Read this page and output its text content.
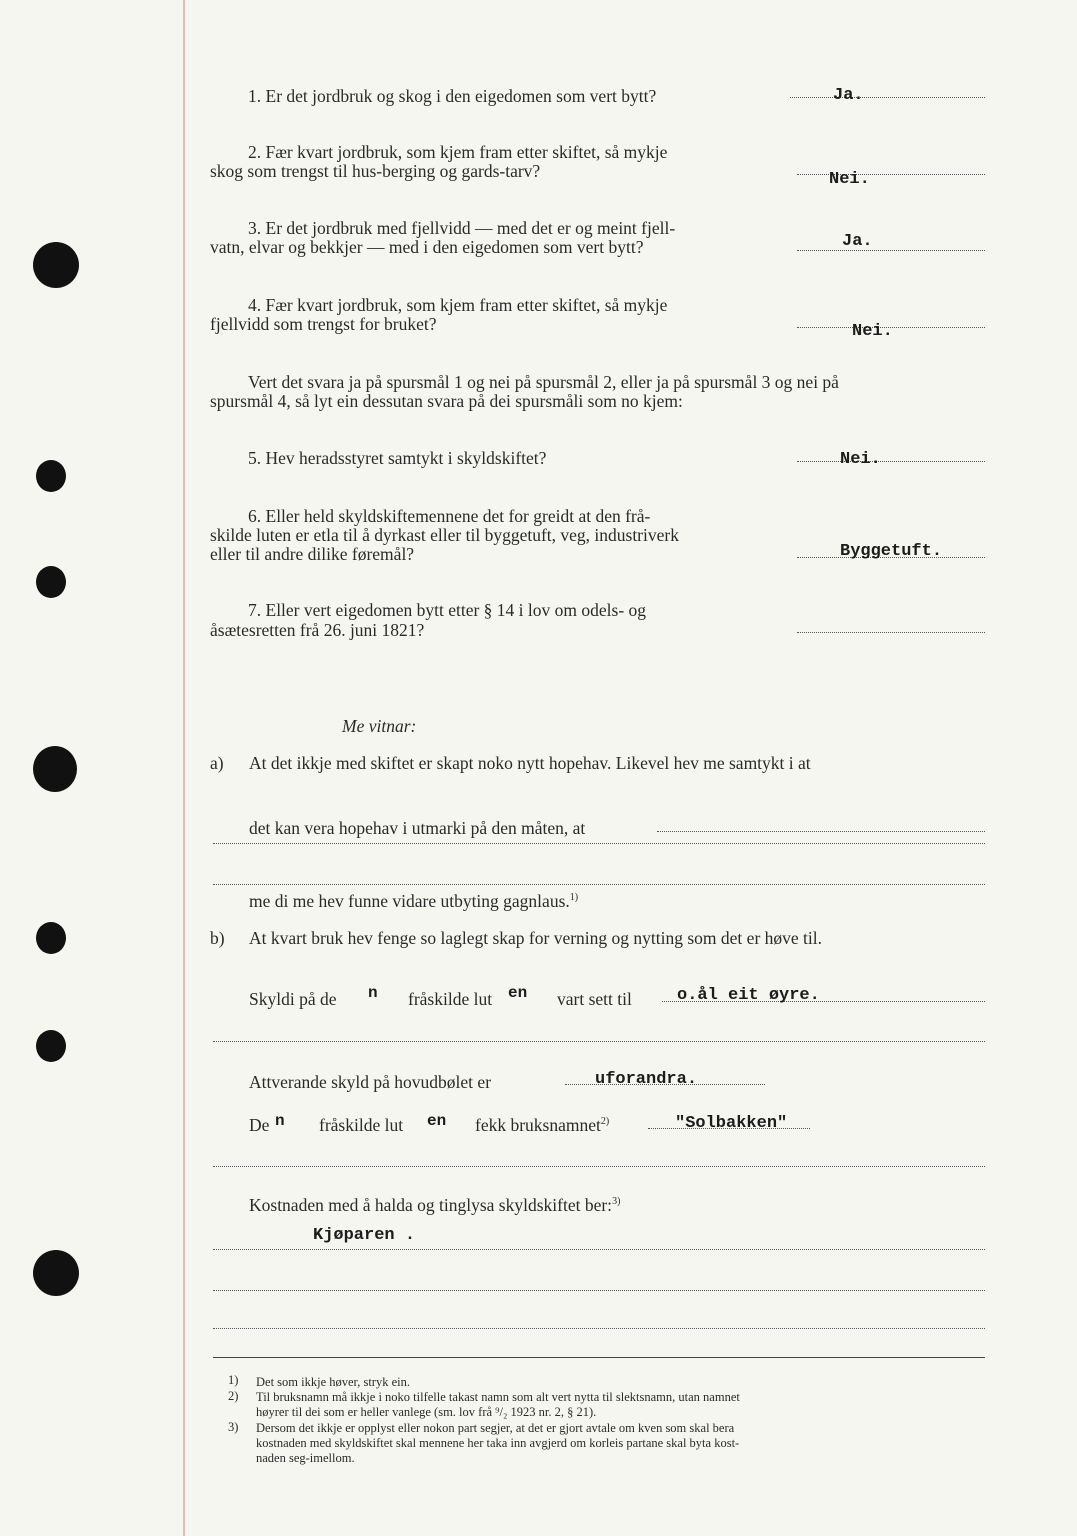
1. Er det jordbruk og skog i den eigedomen som vert bytt?	Ja.
2. Fær kvart jordbruk, som kjem fram etter skiftet, så mykje
skog som trengst til hus-berging og gards-tarv?	Nei.
3. Er det jordbruk med fjellvidd — med det er og meint fjell-
vatn, elvar og bekkjer — med i den eigedomen som vert bytt?	Ja.
4. Fær kvart jordbruk, som kjem fram etter skiftet, så mykje
fjellvidd som trengst for bruket?	Nei.
Vert det svara ja på spursmål 1 og nei på spursmål 2, eller ja på spursmål 3 og nei på
spursmål 4, så lyt ein dessutan svara på dei spursmåli som no kjem:
5. Hev heradsstyret samtykt i skyldskiftet?	Nei.
6. Eller held skyldskiftemennene det for greidt at den frå-
skilde luten er etla til å dyrkast eller til byggetuft, veg, industriverk
eller til andre dilike føremål?	Byggetuft.
7. Eller vert eigedomen bytt etter § 14 i lov om odels- og
åsætesretten frå 26. juni 1821?
Me vitnar:
a) At det ikkje med skiftet er skapt noko nytt hopehav. Likevel hev me samtykt i at
det kan vera hopehav i utmarki på den måten, at
me di me hev funne vidare utbyting gagnlaus.$^{1)}$
b) At kvart bruk hev fenge so laglegt skap for verning og nytting som det er høve til.
Skyldi på de n fråskilde lut en vart sett til	o.ål eit øyre.
Attverande skyld på hovudbølet er	uforandra.
De n fråskilde lut en fekk bruksnamnet$^{2)}$	"Solbakken"
Kostnaden med å halda og tinglysa skyldskiftet ber:$^{3)}$
Kjøparen .
1) Det som ikkje høver, stryk ein.
2) Til bruksnamn må ikkje i noko tilfelle takast namn som alt vert nytta til slektsnamn, utan namnet
høyrer til dei som er heller vanlege (sm. lov frå ⁹/₂ 1923 nr. 2, § 21).
3) Dersom det ikkje er opplyst eller nokon part segjer, at det er gjort avtale om kven som skal bera
kostnaden med skyldskiftet skal mennene her taka inn avgjerd om korleis partane skal byta kost-
naden seg-imellom.
